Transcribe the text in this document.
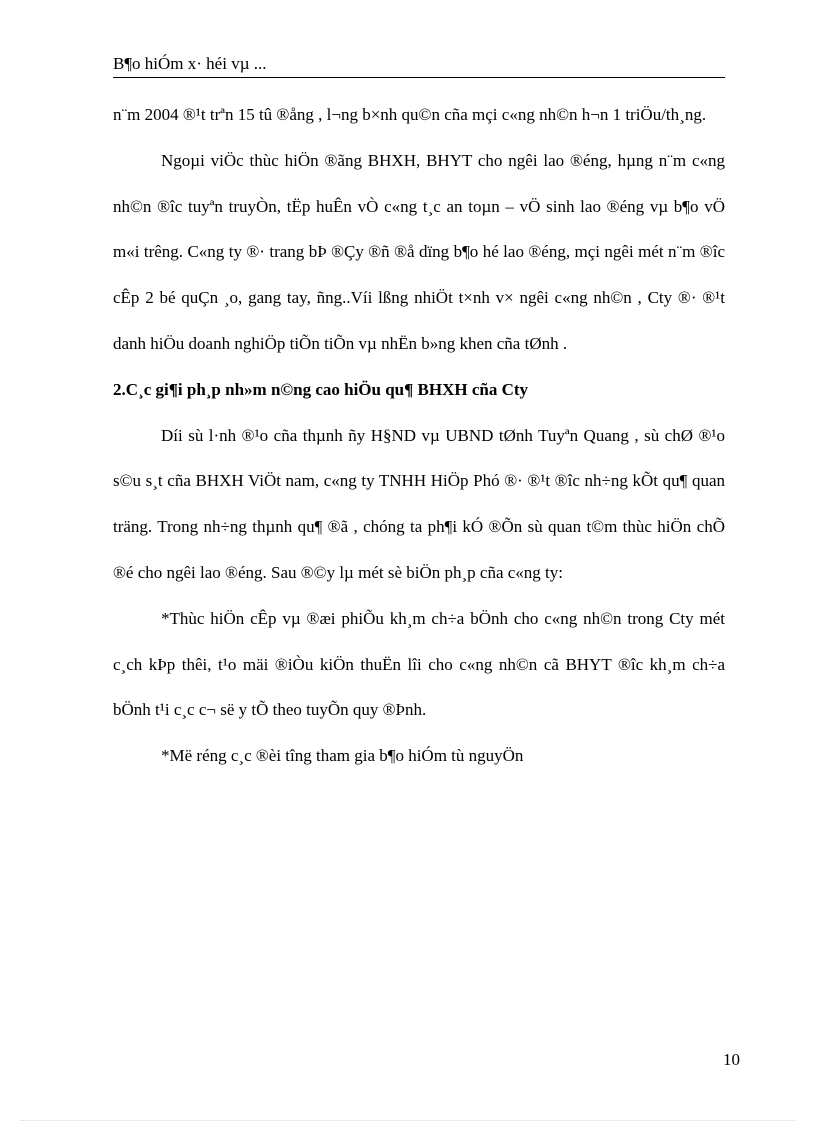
B¶o hiÓm x· héi vµ ...

n¨m 2004 ®¹t trªn 15 tû ®ång , l¬ng b×nh qu©n cña mçi c«ng nh©n h¬n 1 triÖu/th¸ng.

Ngoµi viÖc thùc hiÖn ®ãng BHXH, BHYT cho ngêi lao ®éng, hµng n¨m c«ng nh©n ®îc tuyªn truyÒn, tËp huÊn vÒ c«ng t¸c an toµn – vÖ sinh lao ®éng vµ b¶o vÖ m«i trêng. C«ng ty ®· trang bÞ ®Çy ®ñ ®å dïng b¶o hé lao ®éng, mçi ngêi mét n¨m ®îc cÊp 2 bé quÇn ¸o, gang tay, ñng..Víi lßng nhiÖt t×nh v× ngêi c«ng nh©n , Cty ®· ®¹t danh hiÖu doanh nghiÖp tiÕn tiÕn vµ nhËn b»ng khen cña tØnh .

2.C¸c gi¶i ph¸p nh»m n©ng cao hiÖu qu¶ BHXH cña Cty

Díi sù l·nh ®¹o cña thµnh ñy H§ND vµ UBND tØnh Tuyªn Quang , sù chØ ®¹o s©u s¸t cña BHXH ViÖt nam, c«ng ty TNHH HiÖp Phó ®· ®¹t ®îc nh÷ng kÕt qu¶ quan träng. Trong nh÷ng thµnh qu¶ ®ã , chóng ta ph¶i kÓ ®Õn sù quan t©m thùc hiÖn chÕ ®é cho ngêi lao ®éng. Sau ®©y lµ mét sè biÖn ph¸p cña c«ng ty:

*Thùc hiÖn cÊp vµ ®æi phiÕu kh¸m ch÷a bÖnh cho c«ng nh©n trong Cty mét c¸ch kÞp thêi, t¹o mäi ®iÒu kiÖn thuËn lîi cho c«ng nh©n cã BHYT ®îc kh¸m ch÷a bÖnh t¹i c¸c c¬ së y tÕ theo tuyÕn quy ®Þnh.

*Më réng c¸c ®èi tîng tham gia b¶o hiÓm tù nguyÖn

10
